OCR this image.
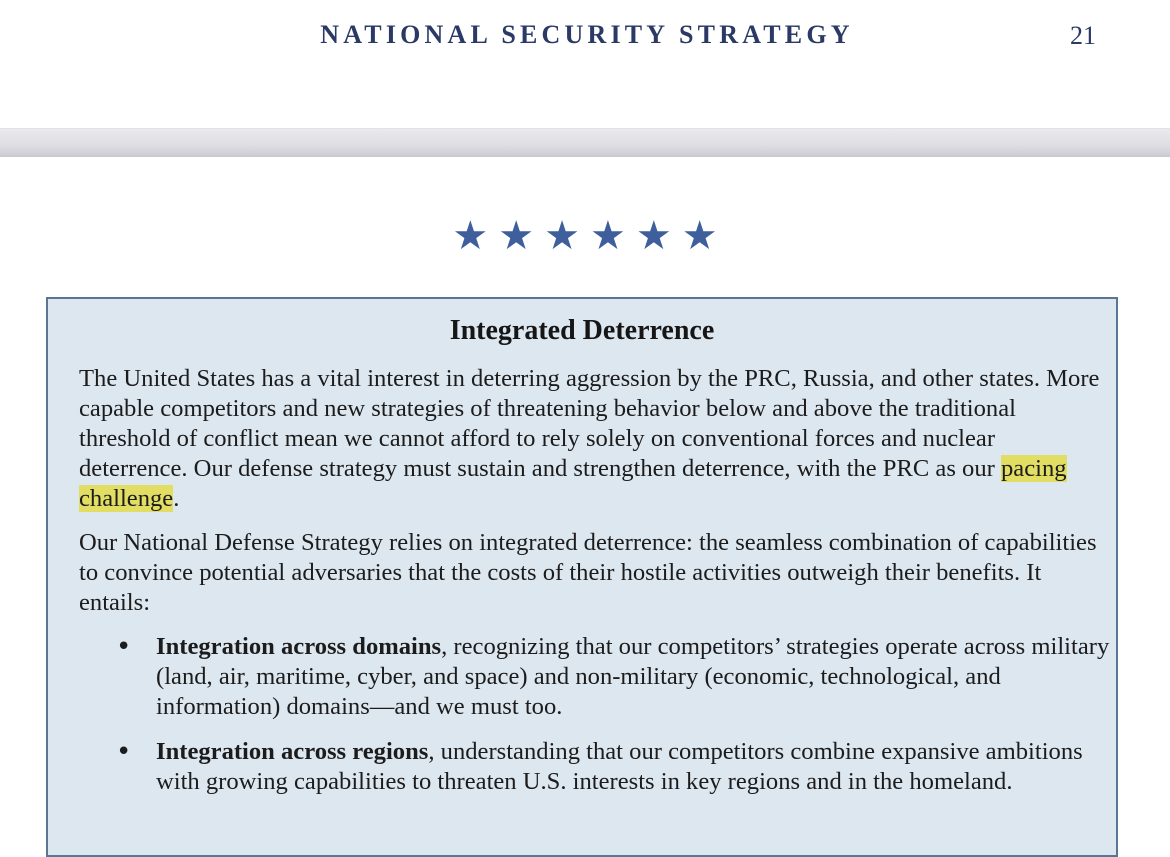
NATIONAL SECURITY STRATEGY	21
★★★★★★
Integrated Deterrence

The United States has a vital interest in deterring aggression by the PRC, Russia, and other states. More capable competitors and new strategies of threatening behavior below and above the traditional threshold of conflict mean we cannot afford to rely solely on conventional forces and nuclear deterrence. Our defense strategy must sustain and strengthen deterrence, with the PRC as our pacing challenge.

Our National Defense Strategy relies on integrated deterrence: the seamless combination of capabilities to convince potential adversaries that the costs of their hostile activities outweigh their benefits. It entails:

• Integration across domains, recognizing that our competitors’ strategies operate across military (land, air, maritime, cyber, and space) and non-military (economic, technological, and information) domains—and we must too.
• Integration across regions, understanding that our competitors combine expansive ambitions with growing capabilities to threaten U.S. interests in key regions and in the homeland.
